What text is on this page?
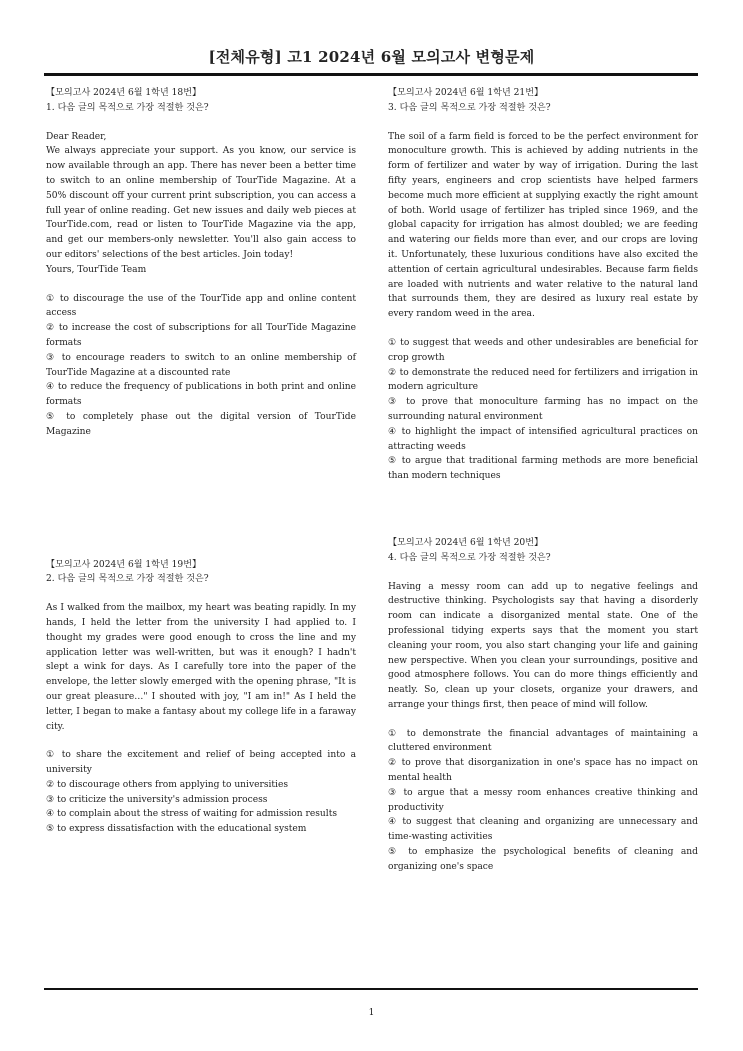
[전체유형] 고1 2024년 6월 모의고사 변형문제

【모의고사 2024년 6월 1학년 18번】

1. 다음 글의 목적으로 가장 적절한 것은?

Dear Reader,

We always appreciate your support. As you know, our service is now available through an app. There has never been a better time to switch to an online membership of TourTide Magazine. At a 50% discount off your current print subscription, you can access a full year of online reading. Get new issues and daily web pieces at TourTide.com, read or listen to TourTide Magazine via the app, and get our members-only newsletter. You'll also gain access to our editors' selections of the best articles. Join today!

Yours, TourTide Team

① to discourage the use of the TourTide app and online content access

② to increase the cost of subscriptions for all TourTide Magazine formats

③ to encourage readers to switch to an online membership of TourTide Magazine at a discounted rate

④ to reduce the frequency of publications in both print and online formats

⑤ to completely phase out the digital version of TourTide Magazine

【모의고사 2024년 6월 1학년 19번】

2. 다음 글의 목적으로 가장 적절한 것은?

As I walked from the mailbox, my heart was beating rapidly. In my hands, I held the letter from the university I had applied to. I thought my grades were good enough to cross the line and my application letter was well-written, but was it enough? I hadn't slept a wink for days. As I carefully tore into the paper of the envelope, the letter slowly emerged with the opening phrase, "It is our great pleasure…" I shouted with joy, "I am in!" As I held the letter, I began to make a fantasy about my college life in a faraway city.

① to share the excitement and relief of being accepted into a university

② to discourage others from applying to universities

③ to criticize the university's admission process

④ to complain about the stress of waiting for admission results

⑤ to express dissatisfaction with the educational system

【모의고사 2024년 6월 1학년 21번】

3. 다음 글의 목적으로 가장 적절한 것은?

The soil of a farm field is forced to be the perfect environment for monoculture growth. This is achieved by adding nutrients in the form of fertilizer and water by way of irrigation. During the last fifty years, engineers and crop scientists have helped farmers become much more efficient at supplying exactly the right amount of both. World usage of fertilizer has tripled since 1969, and the global capacity for irrigation has almost doubled; we are feeding and watering our fields more than ever, and our crops are loving it. Unfortunately, these luxurious conditions have also excited the attention of certain agricultural undesirables. Because farm fields are loaded with nutrients and water relative to the natural land that surrounds them, they are desired as luxury real estate by every random weed in the area.

① to suggest that weeds and other undesirables are beneficial for crop growth

② to demonstrate the reduced need for fertilizers and irrigation in modern agriculture

③ to prove that monoculture farming has no impact on the surrounding natural environment

④ to highlight the impact of intensified agricultural practices on attracting weeds

⑤ to argue that traditional farming methods are more beneficial than modern techniques

【모의고사 2024년 6월 1학년 20번】

4. 다음 글의 목적으로 가장 적절한 것은?

Having a messy room can add up to negative feelings and destructive thinking. Psychologists say that having a disorderly room can indicate a disorganized mental state. One of the professional tidying experts says that the moment you start cleaning your room, you also start changing your life and gaining new perspective. When you clean your surroundings, positive and good atmosphere follows. You can do more things efficiently and neatly. So, clean up your closets, organize your drawers, and arrange your things first, then peace of mind will follow.

① to demonstrate the financial advantages of maintaining a cluttered environment

② to prove that disorganization in one's space has no impact on mental health

③ to argue that a messy room enhances creative thinking and productivity

④ to suggest that cleaning and organizing are unnecessary and time-wasting activities

⑤ to emphasize the psychological benefits of cleaning and organizing one's space

1
